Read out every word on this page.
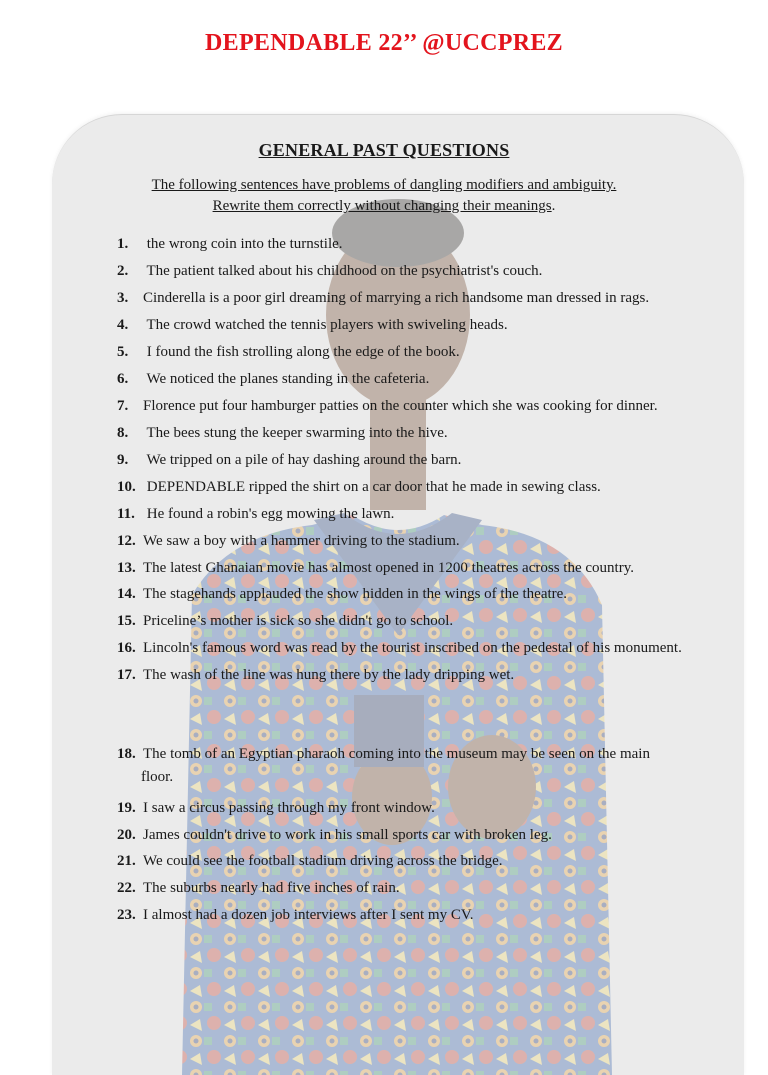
DEPENDABLE 22’’ @UCCPREZ
GENERAL PAST QUESTIONS
The following sentences have problems of dangling modifiers and ambiguity.
Rewrite them correctly without changing their meanings.
1. the wrong coin into the turnstile.
2. The patient talked about his childhood on the psychiatrist's couch.
3. Cinderella is a poor girl dreaming of marrying a rich handsome man dressed in rags.
4. The crowd watched the tennis players with swiveling heads.
5. I found the fish strolling along the edge of the book.
6. We noticed the planes standing in the cafeteria.
7. Florence put four hamburger patties on the counter which she was cooking for dinner.
8. The bees stung the keeper swarming into the hive.
9. We tripped on a pile of hay dashing around the barn.
10. DEPENDABLE ripped the shirt on a car door that he made in sewing class.
11. He found a robin's egg mowing the lawn.
12. We saw a boy with a hammer driving to the stadium.
13. The latest Ghanaian movie has almost opened in 1200 theatres across the country.
14. The stagehands applauded the show hidden in the wings of the theatre.
15. Priceline’s mother is sick so she didn't go to school.
16. Lincoln's famous word was read by the tourist inscribed on the pedestal of his monument.
17. The wash of the line was hung there by the lady dripping wet.
18. The tomb of an Egyptian pharaoh coming into the museum may be seen on the main
floor.
19. I saw a circus passing through my front window.
20. James couldn't drive to work in his small sports car with broken leg.
21. We could see the football stadium driving across the bridge.
22. The suburbs nearly had five inches of rain.
23. I almost had a dozen job interviews after I sent my CV.
